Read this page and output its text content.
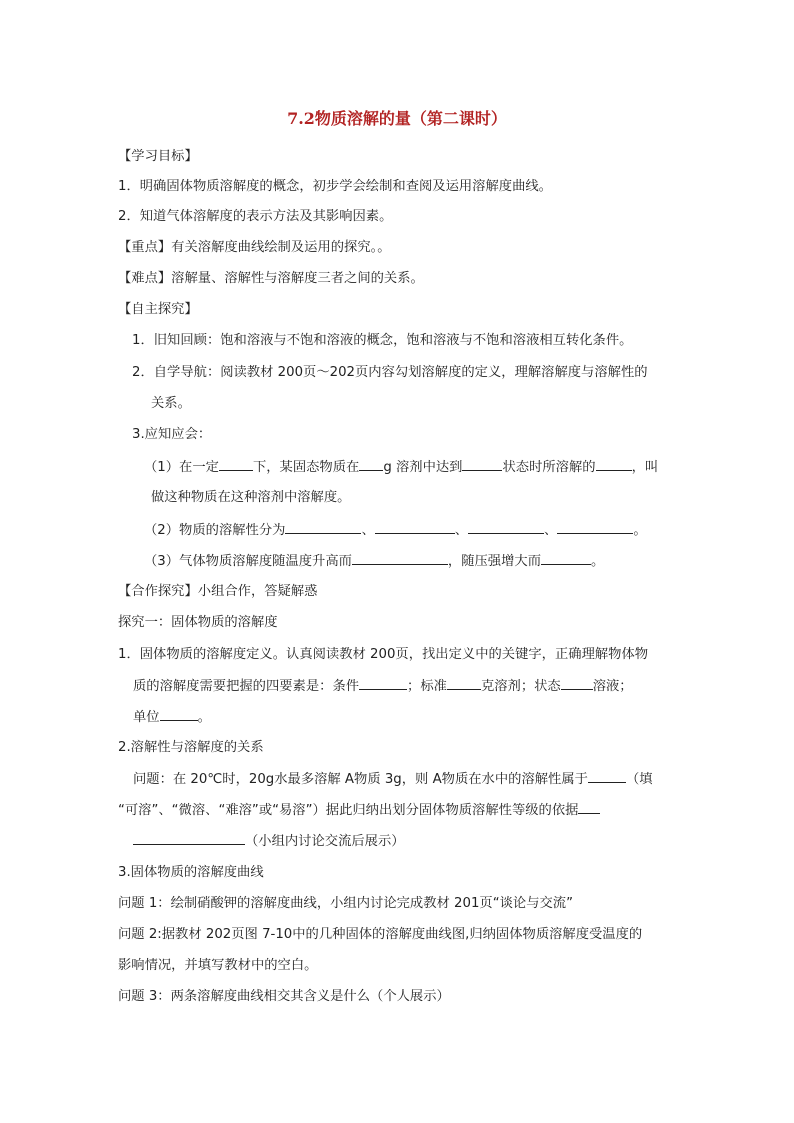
7.2物质溶解的量（第二课时）
【学习目标】
1．明确固体物质溶解度的概念，初步学会绘制和查阅及运用溶解度曲线。
2．知道气体溶解度的表示方法及其影响因素。
【重点】有关溶解度曲线绘制及运用的探究。。
【难点】溶解量、溶解性与溶解度三者之间的关系。
【自主探究】
1．旧知回顾：饱和溶液与不饱和溶液的概念，饱和溶液与不饱和溶液相互转化条件。
2．自学导航：阅读教材 200页～202页内容勾划溶解度的定义，理解溶解度与溶解性的
关系。
3.应知应会：
（1）在一定	下，某固态物质在 g 溶剂中达到	状态时所溶解的	，叫
做这种物质在这种溶剂中溶解度。
（2）物质的溶解性分为	、	、	、	。
（3）气体物质溶解度随温度升高而	，随压强增大而	。
【合作探究】小组合作，答疑解惑
探究一：固体物质的溶解度
1．固体物质的溶解度定义。认真阅读教材 200页，找出定义中的关键字，正确理解物体物
质的溶解度需要把握的四要素是：条件	；标准	克溶剂；状态 溶液；
单位	。
2.溶解性与溶解度的关系
问题：在 20℃时，20g水最多溶解 A物质 3g，则 A物质在水中的溶解性属于	（填
“可溶”、“微溶、“难溶”或“易溶”）据此归纳出划分固体物质溶解性等级的依据
（小组内讨论交流后展示）
3.固体物质的溶解度曲线
问题 1：绘制硝酸钾的溶解度曲线，小组内讨论完成教材 201页“谈论与交流”
问题 2:据教材 202页图 7-10中的几种固体的溶解度曲线图,归纳固体物质溶解度受温度的
影响情况，并填写教材中的空白。
问题 3：两条溶解度曲线相交其含义是什么（个人展示）
